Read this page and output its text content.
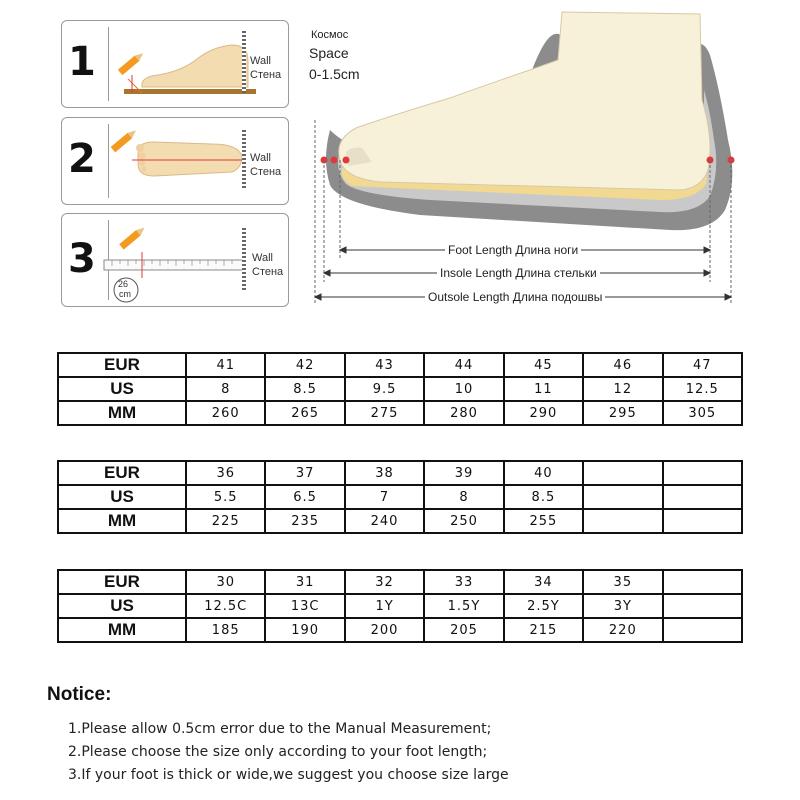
1	Wall
Стена
2	Wall
Стена
3
26
cm
Wall
Стена
Космос
Space
0-1.5cm
Foot Length Длина ноги
Insole Length Длина стельки
Outsole Length Длина подошвы
EUR	41	42	43	44	45	46	47
US	8	8.5	9.5	10	11	12	12.5
MM	260	265	275	280	290	295	305
EUR	36	37	38	39	40		
US	5.5	6.5	7	8	8.5		
MM	225	235	240	250	255		
EUR	30	31	32	33	34	35	
US	12.5C	13C	1Y	1.5Y	2.5Y	3Y	
MM	185	190	200	205	215	220	
Notice:
1.Please allow 0.5cm error due to the Manual Measurement;
2.Please choose the size only according to your foot length;
3.If your foot is thick or wide,we suggest you choose size large
